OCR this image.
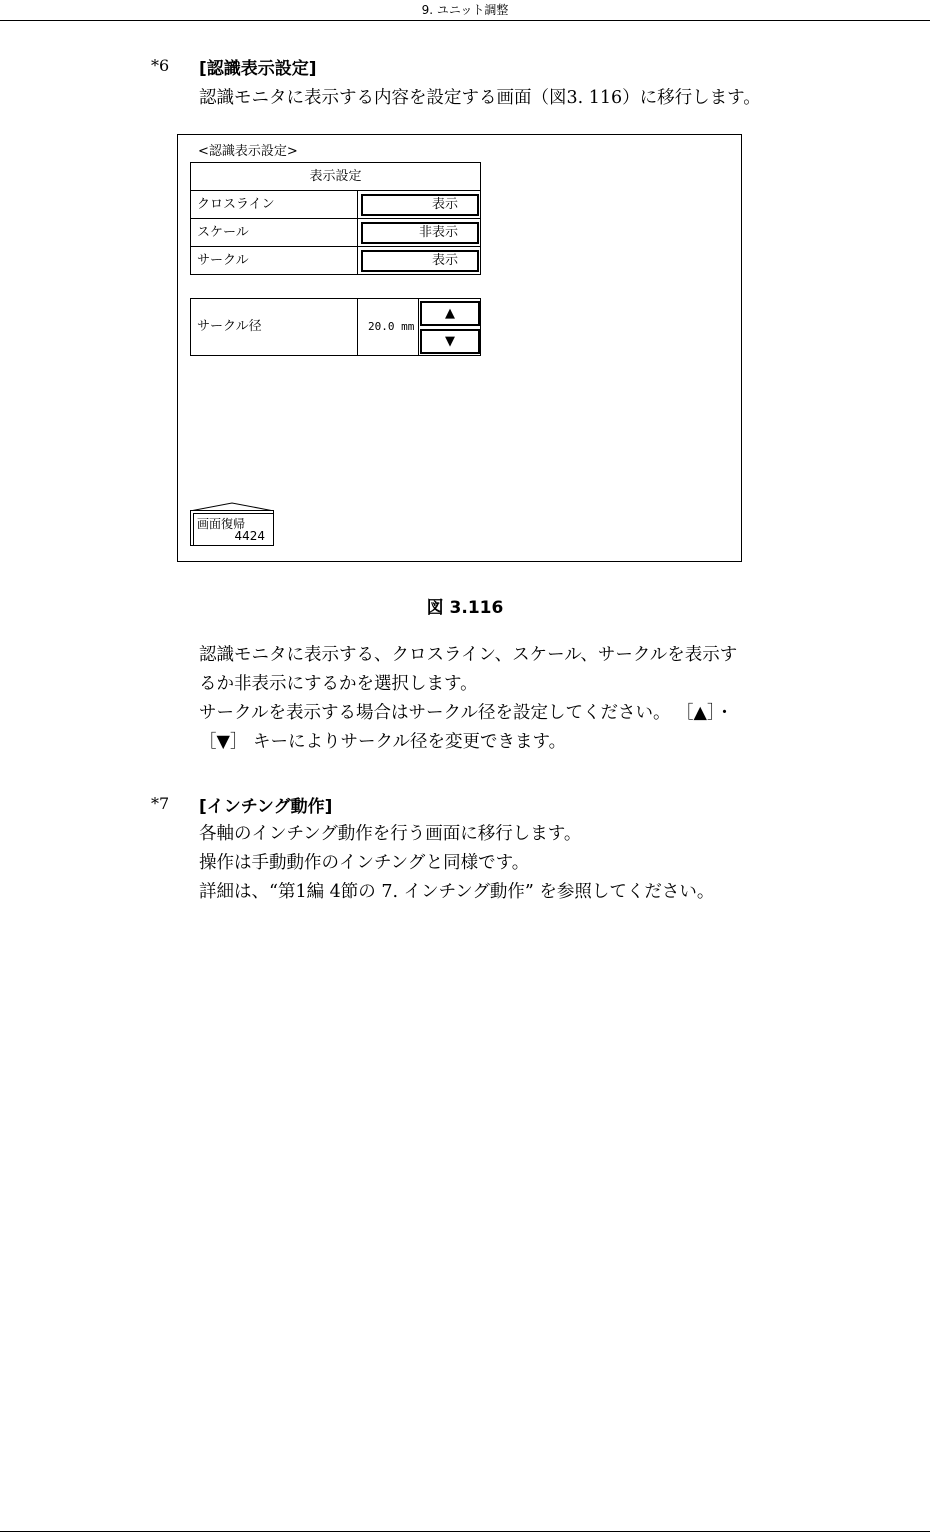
9. ユニット調整
*6 [認識表示設定]

認識モニタに表示する内容を設定する画面（図3. 116）に移行します。

<認識表示設定>
表示設定
クロスライン	表示
スケール	非表示
サークル	表示
サークル径	20.0 mm
▲
▼
画面復帰
4424
図 3.116

認識モニタに表示する、クロスライン、スケール、サークルを表示す

るか非表示にするかを選択します。

サークルを表示する場合はサークル径を設定してください。 ［▲］・

［▼］ キーによりサークル径を変更できます。

*7 [インチング動作]

各軸のインチング動作を行う画面に移行します。

操作は手動動作のインチングと同様です。

詳細は、“第1編 4節の 7. インチング動作” を参照してください。
